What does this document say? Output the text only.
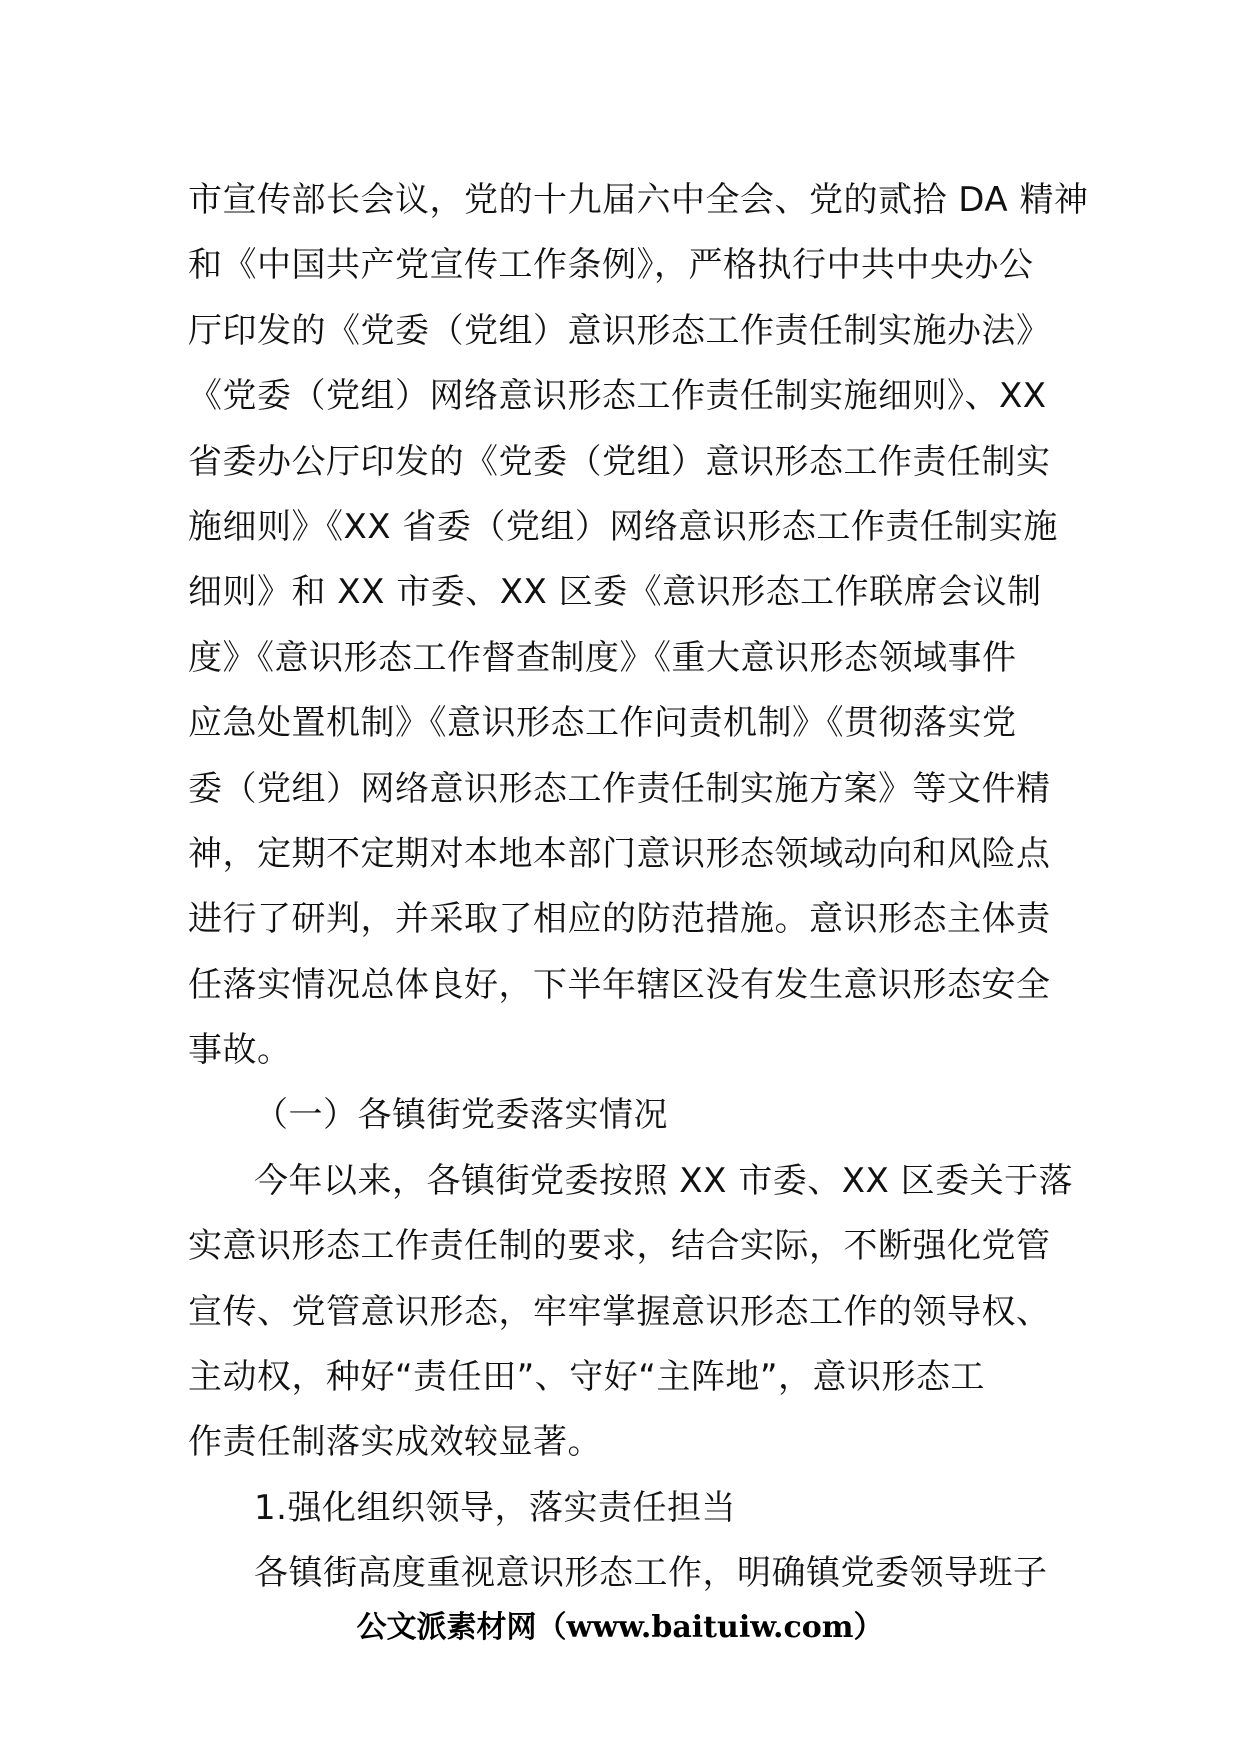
市宣传部长会议，党的十九届六中全会、党的贰拾 DA 精神
和《中国共产党宣传工作条例》，严格执行中共中央办公
厅印发的《党委（党组）意识形态工作责任制实施办法》
《党委（党组）网络意识形态工作责任制实施细则》、XX
省委办公厅印发的《党委（党组）意识形态工作责任制实
施细则》《XX 省委（党组）网络意识形态工作责任制实施
细则》和 XX 市委、XX 区委《意识形态工作联席会议制
度》《意识形态工作督查制度》《重大意识形态领域事件
应急处置机制》《意识形态工作问责机制》《贯彻落实党
委（党组）网络意识形态工作责任制实施方案》等文件精
神，定期不定期对本地本部门意识形态领域动向和风险点
进行了研判，并采取了相应的防范措施。意识形态主体责
任落实情况总体良好，下半年辖区没有发生意识形态安全
事故。
（一）各镇街党委落实情况
今年以来，各镇街党委按照 XX 市委、XX 区委关于落
实意识形态工作责任制的要求，结合实际，不断强化党管
宣传、党管意识形态，牢牢掌握意识形态工作的领导权、
主动权，种好“责任田”、守好“主阵地”，意识形态工
作责任制落实成效较显著。
1.强化组织领导，落实责任担当
各镇街高度重视意识形态工作，明确镇党委领导班子
公文派素材网（www.baituiw.com）
